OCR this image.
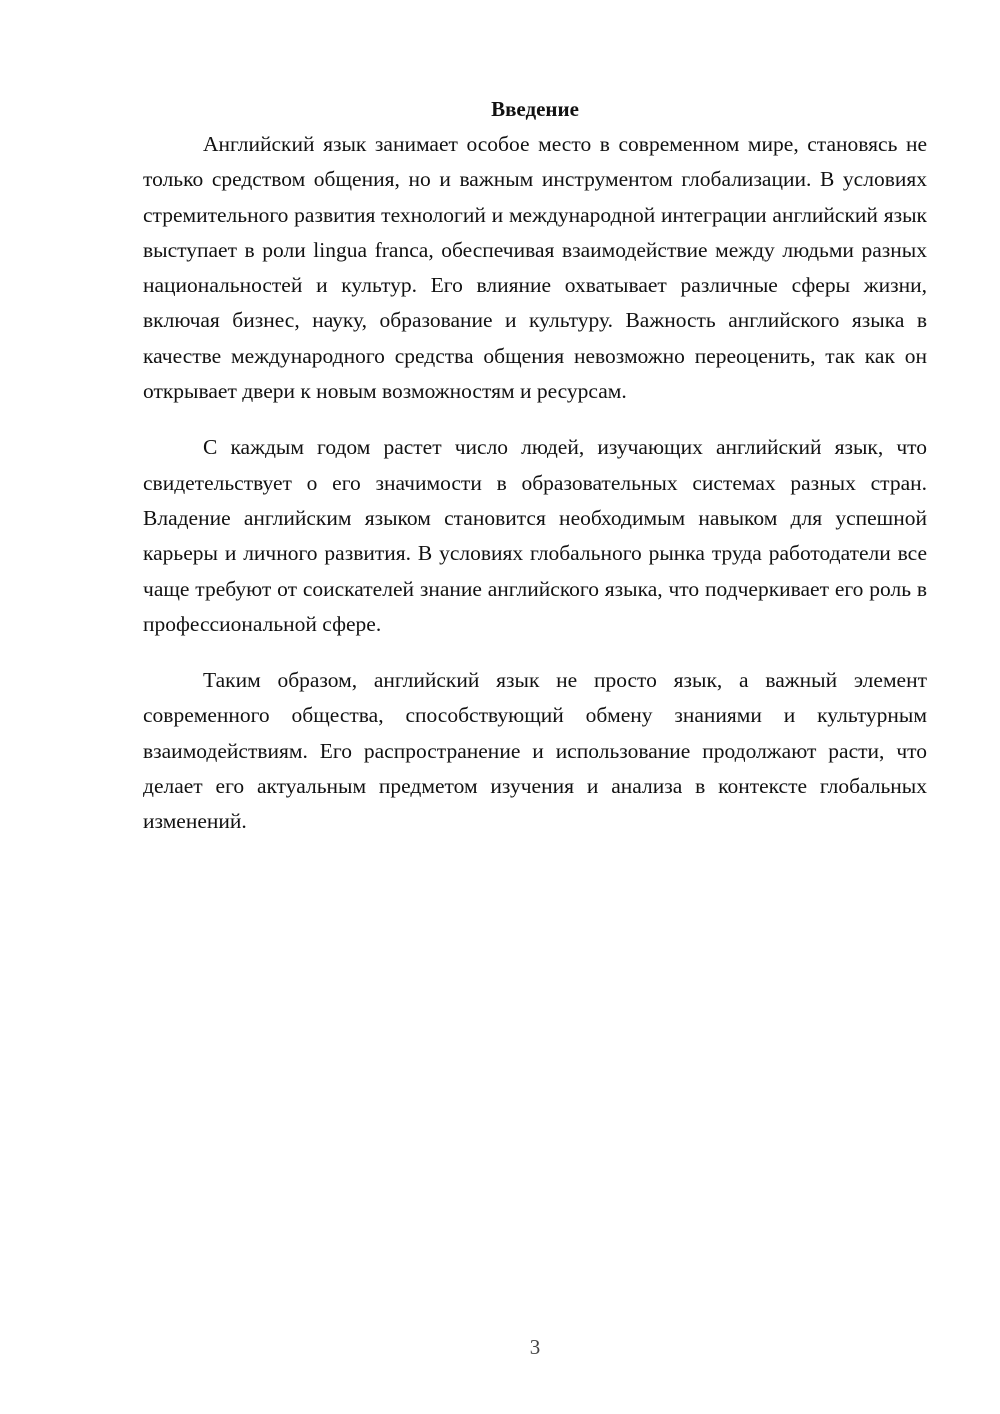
Введение

Английский язык занимает особое место в современном мире, становясь не только средством общения, но и важным инструментом глобализации. В условиях стремительного развития технологий и международной интеграции английский язык выступает в роли lingua franca, обеспечивая взаимодействие между людьми разных национальностей и культур. Его влияние охватывает различные сферы жизни, включая бизнес, науку, образование и культуру. Важность английского языка в качестве международного средства общения невозможно переоценить, так как он открывает двери к новым возможностям и ресурсам.

С каждым годом растет число людей, изучающих английский язык, что свидетельствует о его значимости в образовательных системах разных стран. Владение английским языком становится необходимым навыком для успешной карьеры и личного развития. В условиях глобального рынка труда работодатели все чаще требуют от соискателей знание английского языка, что подчеркивает его роль в профессиональной сфере.

Таким образом, английский язык не просто язык, а важный элемент современного общества, способствующий обмену знаниями и культурным взаимодействиям. Его распространение и использование продолжают расти, что делает его актуальным предметом изучения и анализа в контексте глобальных изменений.

3
